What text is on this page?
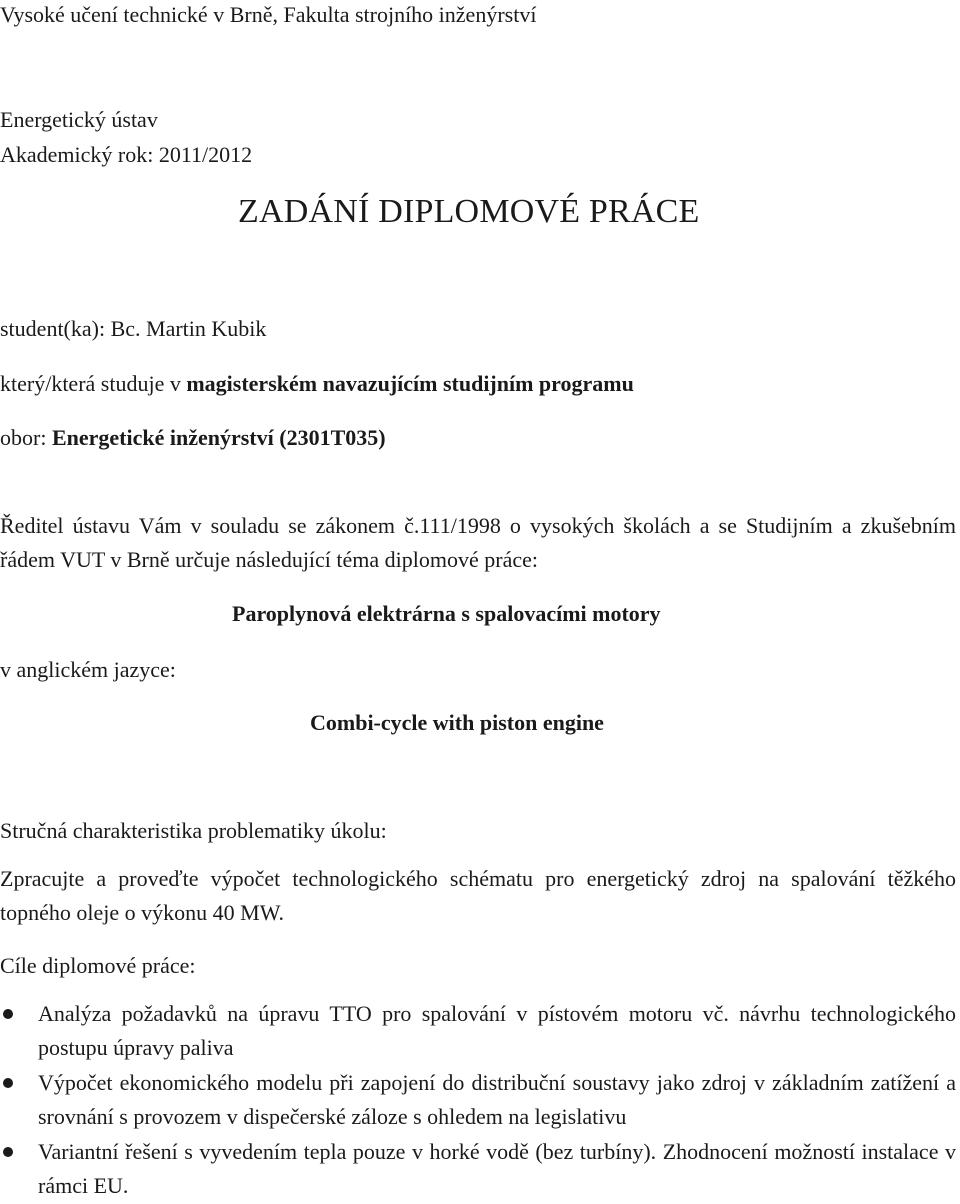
Vysoké učení technické v Brně, Fakulta strojního inženýrství
Energetický ústav
Akademický rok: 2011/2012
ZADÁNÍ DIPLOMOVÉ PRÁCE
student(ka): Bc. Martin Kubik
který/která studuje v magisterském navazujícím studijním programu
obor: Energetické inženýrství (2301T035)
Ředitel ústavu Vám v souladu se zákonem č.111/1998 o vysokých školách a se Studijním a zkušebním řádem VUT v Brně určuje následující téma diplomové práce:
Paroplynová elektrárna s spalovacími motory
v anglickém jazyce:
Combi-cycle with piston engine
Stručná charakteristika problematiky úkolu:
Zpracujte a proveďte výpočet technologického schématu pro energetický zdroj na spalování těžkého topného oleje o výkonu 40 MW.
Cíle diplomové práce:
Analýza požadavků na úpravu TTO pro spalování v pístovém motoru vč. návrhu technologického postupu úpravy paliva
Výpočet ekonomického modelu při zapojení do distribuční soustavy jako zdroj v základním zatížení a srovnání s provozem v dispečerské záloze s ohledem na legislativu
Variantní řešení s vyvedením tepla pouze v horké vodě (bez turbíny). Zhodnocení možností instalace v rámci EU.
